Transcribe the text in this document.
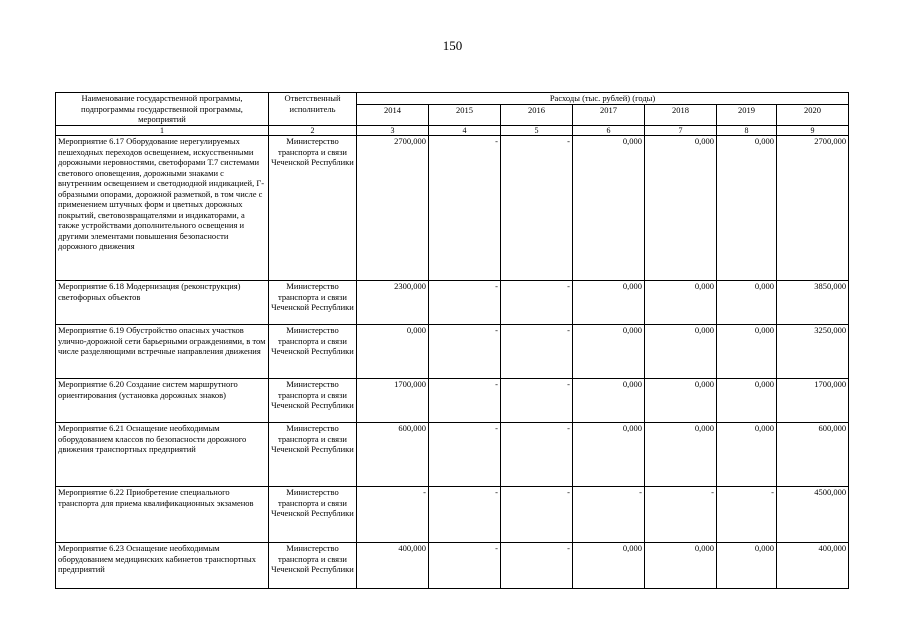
150
Наименование государственной программы, подпрограммы государственной программы, мероприятий	Ответственный исполнитель	Расходы (тыс. рублей) (годы)						
		2014	2015	2016	2017	2018	2019	2020
1	2	3	4	5	6	7	8	9
Мероприятие 6.17 Оборудование нерегулируемых пешеходных переходов освещением, искусственными дорожными неровностями, светофорами Т.7 системами светового оповещения, дорожными знаками с внутренним освещением и светодиодной индикацией, Г-образными опорами, дорожной разметкой, в том числе с применением штучных форм и цветных дорожных покрытий, световозвращателями и индикаторами, а также устройствами дополнительного освещения и другими элементами повышения безопасности дорожного движения	Министерство транспорта и связи Чеченской Республики	2700,000	-	-	0,000	0,000	0,000	2700,000
Мероприятие 6.18 Модернизация (реконструкция) светофорных объектов	Министерство транспорта и связи Чеченской Республики	2300,000	-	-	0,000	0,000	0,000	3850,000
Мероприятие 6.19 Обустройство опасных участков улично-дорожной сети барьерными ограждениями, в том числе разделяющими встречные направления движения	Министерство транспорта и связи Чеченской Республики	0,000	-	-	0,000	0,000	0,000	3250,000
Мероприятие 6.20 Создание систем маршрутного ориентирования (установка дорожных знаков)	Министерство транспорта и связи Чеченской Республики	1700,000	-	-	0,000	0,000	0,000	1700,000
Мероприятие 6.21 Оснащение необходимым оборудованием классов по безопасности дорожного движения транспортных предприятий	Министерство транспорта и связи Чеченской Республики	600,000	-	-	0,000	0,000	0,000	600,000
Мероприятие 6.22 Приобретение специального транспорта для приема квалификационных экзаменов	Министерство транспорта и связи Чеченской Республики	-	-	-	-	-	-	4500,000
Мероприятие 6.23 Оснащение необходимым оборудованием медицинских кабинетов транспортных предприятий	Министерство транспорта и связи Чеченской Республики	400,000	-	-	0,000	0,000	0,000	400,000
